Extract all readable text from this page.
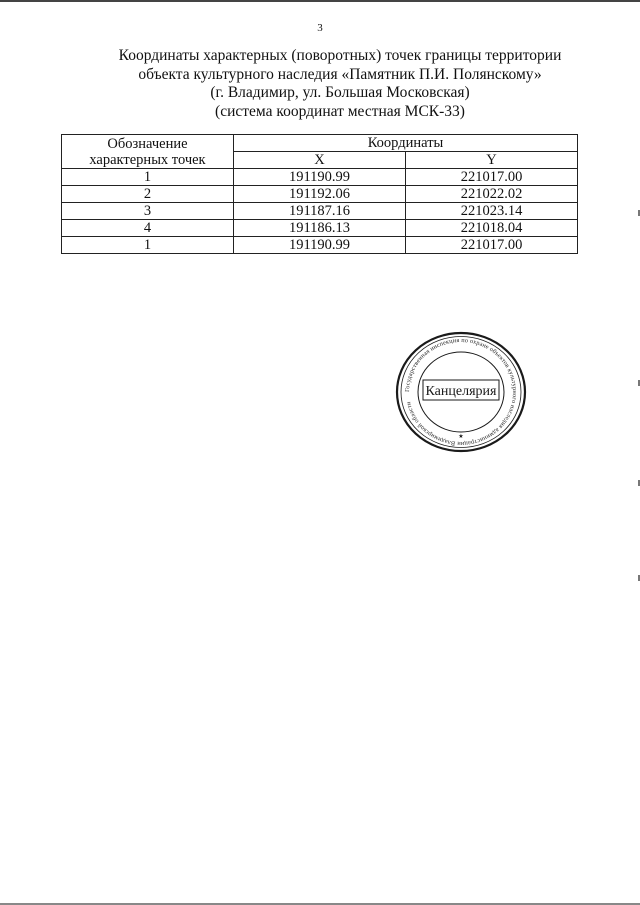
3
Координаты характерных (поворотных) точек границы территории
объекта культурного наследия «Памятник П.И. Полянскому»
(г. Владимир, ул. Большая Московская)
(система координат местная МСК-33)
Обозначение
характерных точек	Координаты	
	X	Y
1	191190.99	221017.00
2	191192.06	221022.02
3	191187.16	221023.14
4	191186.13	221018.04
1	191190.99	221017.00
Государственная инспекция по охране объектов культурного наследия администрации Владимирской области
Канцелярия
★
